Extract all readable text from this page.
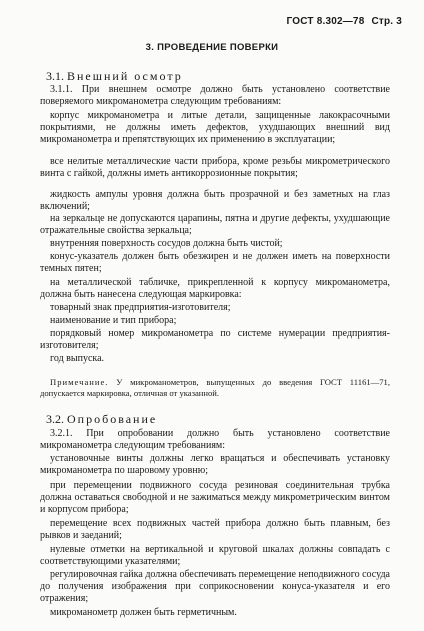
ГОСТ 8.302—78 Стр. 3
3. ПРОВЕДЕНИЕ ПОВЕРКИ
3.1. Внешний осмотр
3.1.1. При внешнем осмотре должно быть установлено соответствие поверяемого микроманометра следующим требованиям:
корпус микроманометра и литые детали, защищенные лакокрасочными покрытиями, не должны иметь дефектов, ухудшающих внешний вид микроманометра и препятствующих их применению в эксплуатации;
все нелитые металлические части прибора, кроме резьбы микрометрического винта с гайкой, должны иметь антикоррозионные покрытия;
жидкость ампулы уровня должна быть прозрачной и без заметных на глаз включений;
на зеркальце не допускаются царапины, пятна и другие дефекты, ухудшающие отражательные свойства зеркальца;
внутренняя поверхность сосудов должна быть чистой;
конус-указатель должен быть обезжирен и не должен иметь на поверхности темных пятен;
на металлической табличке, прикрепленной к корпусу микроманометра, должна быть нанесена следующая маркировка:
товарный знак предприятия-изготовителя;
наименование и тип прибора;
порядковый номер микроманометра по системе нумерации предприятия-изготовителя;
год выпуска.
Примечание. У микроманометров, выпущенных до введения ГОСТ 11161—71, допускается маркировка, отличная от указанной.
3.2. Опробование
3.2.1. При опробовании должно быть установлено соответствие микроманометра следующим требованиям:
установочные винты должны легко вращаться и обеспечивать установку микроманометра по шаровому уровню;
при перемещении подвижного сосуда резиновая соединительная трубка должна оставаться свободной и не зажиматься между микрометрическим винтом и корпусом прибора;
перемещение всех подвижных частей прибора должно быть плавным, без рывков и заеданий;
нулевые отметки на вертикальной и круговой шкалах должны совпадать с соответствующими указателями;
регулировочная гайка должна обеспечивать перемещение неподвижного сосуда до получения изображения при соприкосновении конуса-указателя и его отражения;
микроманометр должен быть герметичным.
